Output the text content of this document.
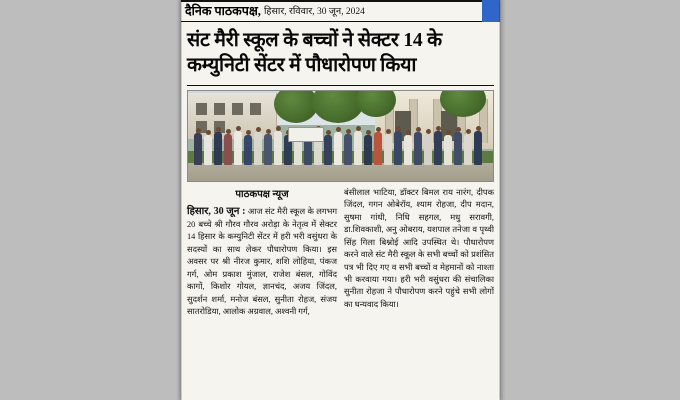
दैनिक पाठकपक्ष, हिसार, रविवार, 30 जून, 2024
संट मैरी स्कूल के बच्चों ने सेक्टर 14 के कम्युनिटी सेंटर में पौधारोपण किया
पाठकपक्ष न्यूज
हिसार, 30 जून : आज संट मैरी स्कूल के लगभग 20 बच्चे श्री गौरव गौरव अरोड़ा के नेतृत्व में सेक्टर 14 हिसार के कम्युनिटी सेंटर में हरी भरी वसुंधरा के सदस्यों का साथ लेकर पौधारोपण किया। इस अवसर पर श्री नीरज कुमार, शशि लोहिया, पंकज गर्ग, ओम प्रकाश मुंजाल, राजेश बंसल, गोविंद कागों, किशोर गोयल, ज्ञानचंद, अजय जिंदल, सुदर्शन शर्मा, मनोज बंसल, सुनीता रोहज, संजय सातरोडिया, आलोक अग्रवाल, अश्वनी गर्ग,
बंसीलाल भाटिया, डॉक्टर बिमल राय नारंग, दीपक जिंदल, गगन ओबेरॉय, श्याम रोहजा, दीप मदान, सुषमा गांधी, निधि सहगल, मधु सरावगी, डा.शिवकाशी, अनु ओबराय, यशपाल तनेजा व पृथ्वी सिंह गिला बिश्नोई आदि उपस्थित थे। पौधारोपण करने वाले संट मैरी स्कूल के सभी बच्चों को प्रशंसित पत्र भी दिए गए व सभी बच्चों व मेहमानों को नाश्ता भी करवाया गया। हरी भरी वसुंधरा की संचालिका सुनीता रोहजा ने पौधारोपण करने पहुंचे सभी लोगों का धन्यवाद किया।
